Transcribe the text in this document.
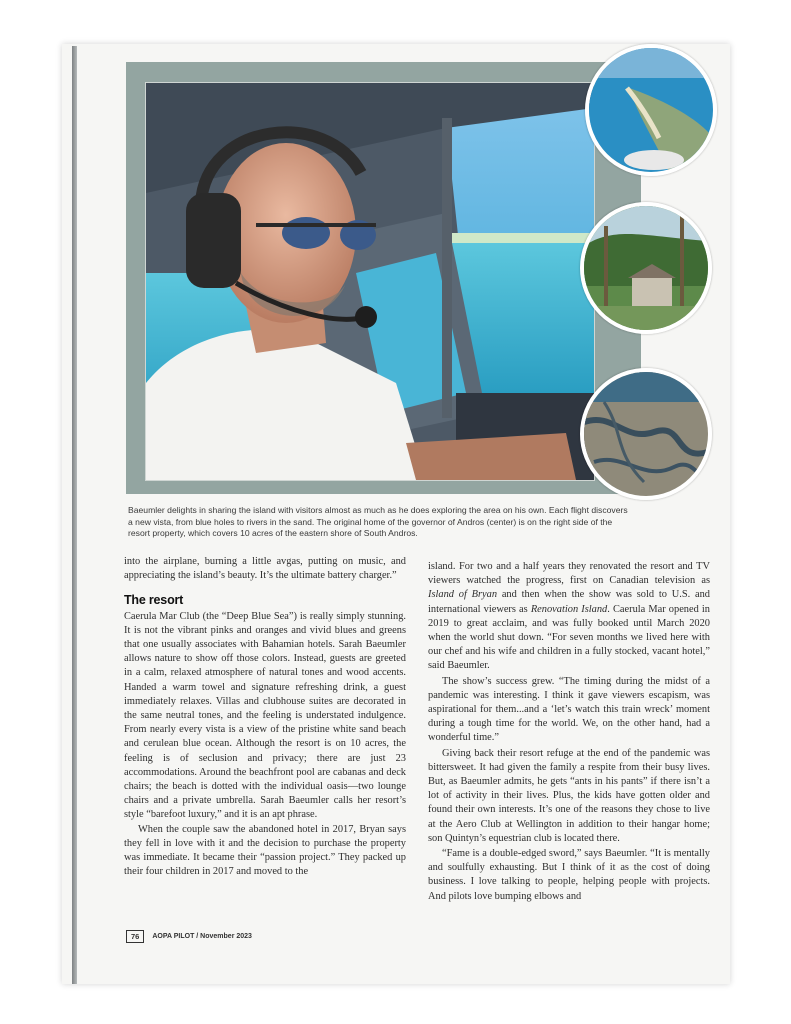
Baeumler delights in sharing the island with visitors almost as much as he does exploring the area on his own. Each flight discovers a new vista, from blue holes to rivers in the sand. The original home of the governor of Andros (center) is on the right side of the resort property, which covers 10 acres of the eastern shore of South Andros.

into the airplane, burning a little avgas, putting on music, and appreciating the island’s beauty. It’s the ultimate battery charger.”

The resort

Caerula Mar Club (the “Deep Blue Sea”) is really simply stunning. It is not the vibrant pinks and oranges and vivid blues and greens that one usually associates with Bahamian hotels. Sarah Baeumler allows nature to show off those colors. Instead, guests are greeted in a calm, relaxed atmosphere of natural tones and wood accents. Handed a warm towel and signature refreshing drink, a guest immediately relaxes. Villas and clubhouse suites are decorated in the same neutral tones, and the feeling is understated indulgence. From nearly every vista is a view of the pristine white sand beach and cerulean blue ocean. Although the resort is on 10 acres, the feeling is of seclusion and privacy; there are just 23 accommodations. Around the beachfront pool are cabanas and deck chairs; the beach is dotted with the individual oasis—two lounge chairs and a private umbrella. Sarah Baeumler calls her resort’s style “barefoot luxury,” and it is an apt phrase.

When the couple saw the abandoned hotel in 2017, Bryan says they fell in love with it and the decision to purchase the property was immediate. It became their “passion project.” They packed up their four children in 2017 and moved to the

island. For two and a half years they renovated the resort and TV viewers watched the progress, first on Canadian television as Island of Bryan and then when the show was sold to U.S. and international viewers as Renovation Island. Caerula Mar opened in 2019 to great acclaim, and was fully booked until March 2020 when the world shut down. “For seven months we lived here with our chef and his wife and children in a fully stocked, vacant hotel,” said Baeumler.

The show’s success grew. “The timing during the midst of a pandemic was interesting. I think it gave viewers escapism, was aspirational for them...and a ‘let’s watch this train wreck’ moment during a tough time for the world. We, on the other hand, had a wonderful time.”

Giving back their resort refuge at the end of the pandemic was bittersweet. It had given the family a respite from their busy lives. But, as Baeumler admits, he gets “ants in his pants” if there isn’t a lot of activity in their lives. Plus, the kids have gotten older and found their own interests. It’s one of the reasons they chose to live at the Aero Club at Wellington in addition to their hangar home; son Quintyn’s equestrian club is located there.

“Fame is a double-edged sword,” says Baeumler. “It is mentally and soulfully exhausting. But I think of it as the cost of doing business. I love talking to people, helping people with projects. And pilots love bumping elbows and

76	AOPA PILOT / November 2023
